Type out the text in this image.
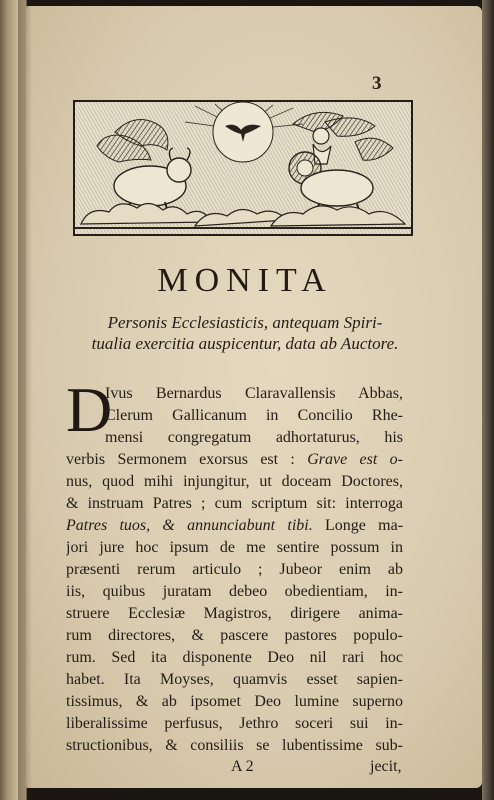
3
MONITA
Personis Ecclesiasticis, antequam Spiri-
tualia exercitia auspicentur, data ab Auctore.
D
Ivus Bernardus Claravallensis Abbas,
Clerum Gallicanum in Concilio Rhe-
mensi congregatum adhortaturus, his
verbis Sermonem exorsus est : Grave est o-
nus, quod mihi injungitur, ut doceam Doctores,
& instruam Patres ; cum scriptum sit: interroga
Patres tuos, & annunciabunt tibi. Longe ma-
jori jure hoc ipsum de me sentire possum in
præsenti rerum articulo ; Jubeor enim ab
iis, quibus juratam debeo obedientiam, in-
struere Ecclesiæ Magistros, dirigere anima-
rum directores, & pascere pastores populo-
rum. Sed ita disponente Deo nil rari hoc
habet. Ita Moyses, quamvis esset sapien-
tissimus, & ab ipsomet Deo lumine superno
liberalissime perfusus, Jethro soceri sui in-
structionibus, & consiliis se lubentissime sub-
A 2	jecit,
